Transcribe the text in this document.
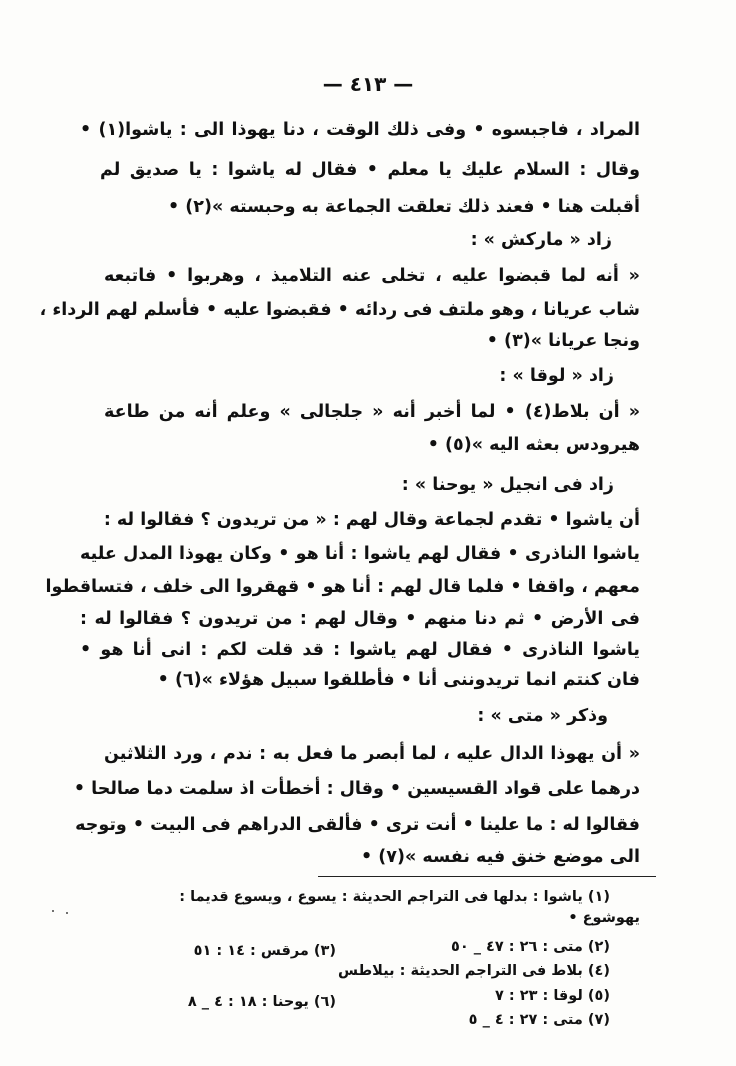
— ٤١٣ —
المراد ، فاجبسوه • وفى ذلك الوقت ، دنا يهوذا الى : ياشوا(١) •
وقال : السلام عليك يا معلم • فقال له ياشوا : يا صديق لم
أقبلت هنا • فعند ذلك تعلقت الجماعة به وحبسته »(٢) •
زاد « ماركش » :
« أنه لما قبضوا عليه ، تخلى عنه التلاميذ ، وهربوا • فاتبعه
شاب عريانا ، وهو ملتف فى ردائه • فقبضوا عليه • فأسلم لهم الرداء ،
ونجا عريانا »(٣) •
زاد « لوقا » :
« أن بلاط(٤) • لما أخبر أنه « جلجالى » وعلم أنه من طاعة
هيرودس بعثه اليه »(٥) •
زاد فى انجيل « يوحنا » :
أن ياشوا • تقدم لجماعة وقال لهم : « من تريدون ؟ فقالوا له :
ياشوا الناذرى • فقال لهم ياشوا : أنا هو • وكان يهوذا المدل عليه
معهم ، واقفا • فلما قال لهم : أنا هو • قهقروا الى خلف ، فتساقطوا
فى الأرض • ثم دنا منهم • وقال لهم : من تريدون ؟ فقالوا له :
ياشوا الناذرى • فقال لهم ياشوا : قد قلت لكم : انى أنا هو •
فان كنتم انما تريدوننى أنا • فأطلقوا سبيل هؤلاء »(٦) •
وذكر « متى » :
« أن يهوذا الدال عليه ، لما أبصر ما فعل به : ندم ، ورد الثلاثين
درهما على قواد القسيسين • وقال : أخطأت اذ سلمت دما صالحا •
فقالوا له : ما علينا • أنت ترى • فألقى الدراهم فى البيت • وتوجه
الى موضع خنق فيه نفسه »(٧) •
(١) ياشوا : بدلها فى التراجم الحديثة : يسوع ، ويسوع قديما :
يهوشوع •
(٢) متى : ٢٦ : ٤٧ _ ٥٠
(٣) مرقس : ١٤ : ٥١
(٤) بلاط فى التراجم الحديثة : بيلاطس
(٥) لوقا : ٢٣ : ٧
(٦) يوحنا : ١٨ : ٤ _ ٨
(٧) متى : ٢٧ : ٤ _ ٥
